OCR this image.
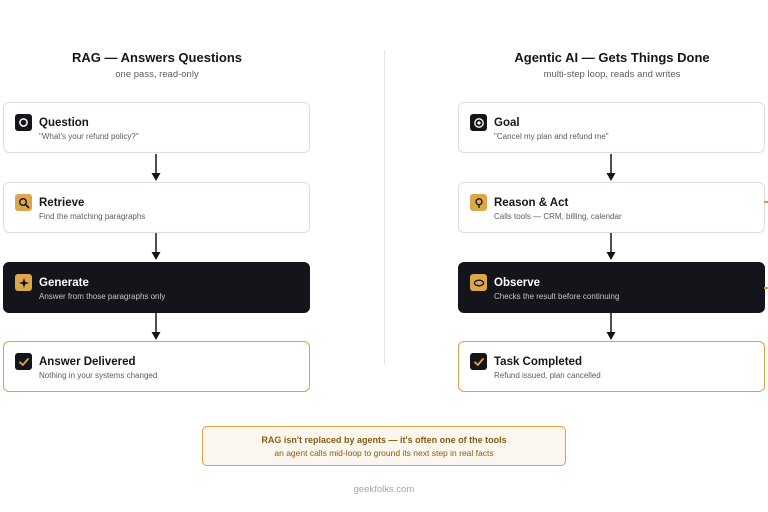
RAG — Answers Questions
one pass, read-only
Agentic AI — Gets Things Done
multi-step loop, reads and writes
Question
"What's your refund policy?"
Retrieve
Find the matching paragraphs
Generate
Answer from those paragraphs only
Answer Delivered
Nothing in your systems changed
Goal
"Cancel my plan and refund me"
Reason & Act
Calls tools — CRM, billing, calendar
Observe
Checks the result before continuing
Task Completed
Refund issued, plan cancelled
RAG isn't replaced by agents — it's often one of the tools
an agent calls mid-loop to ground its next step in real facts
geekfolks.com
